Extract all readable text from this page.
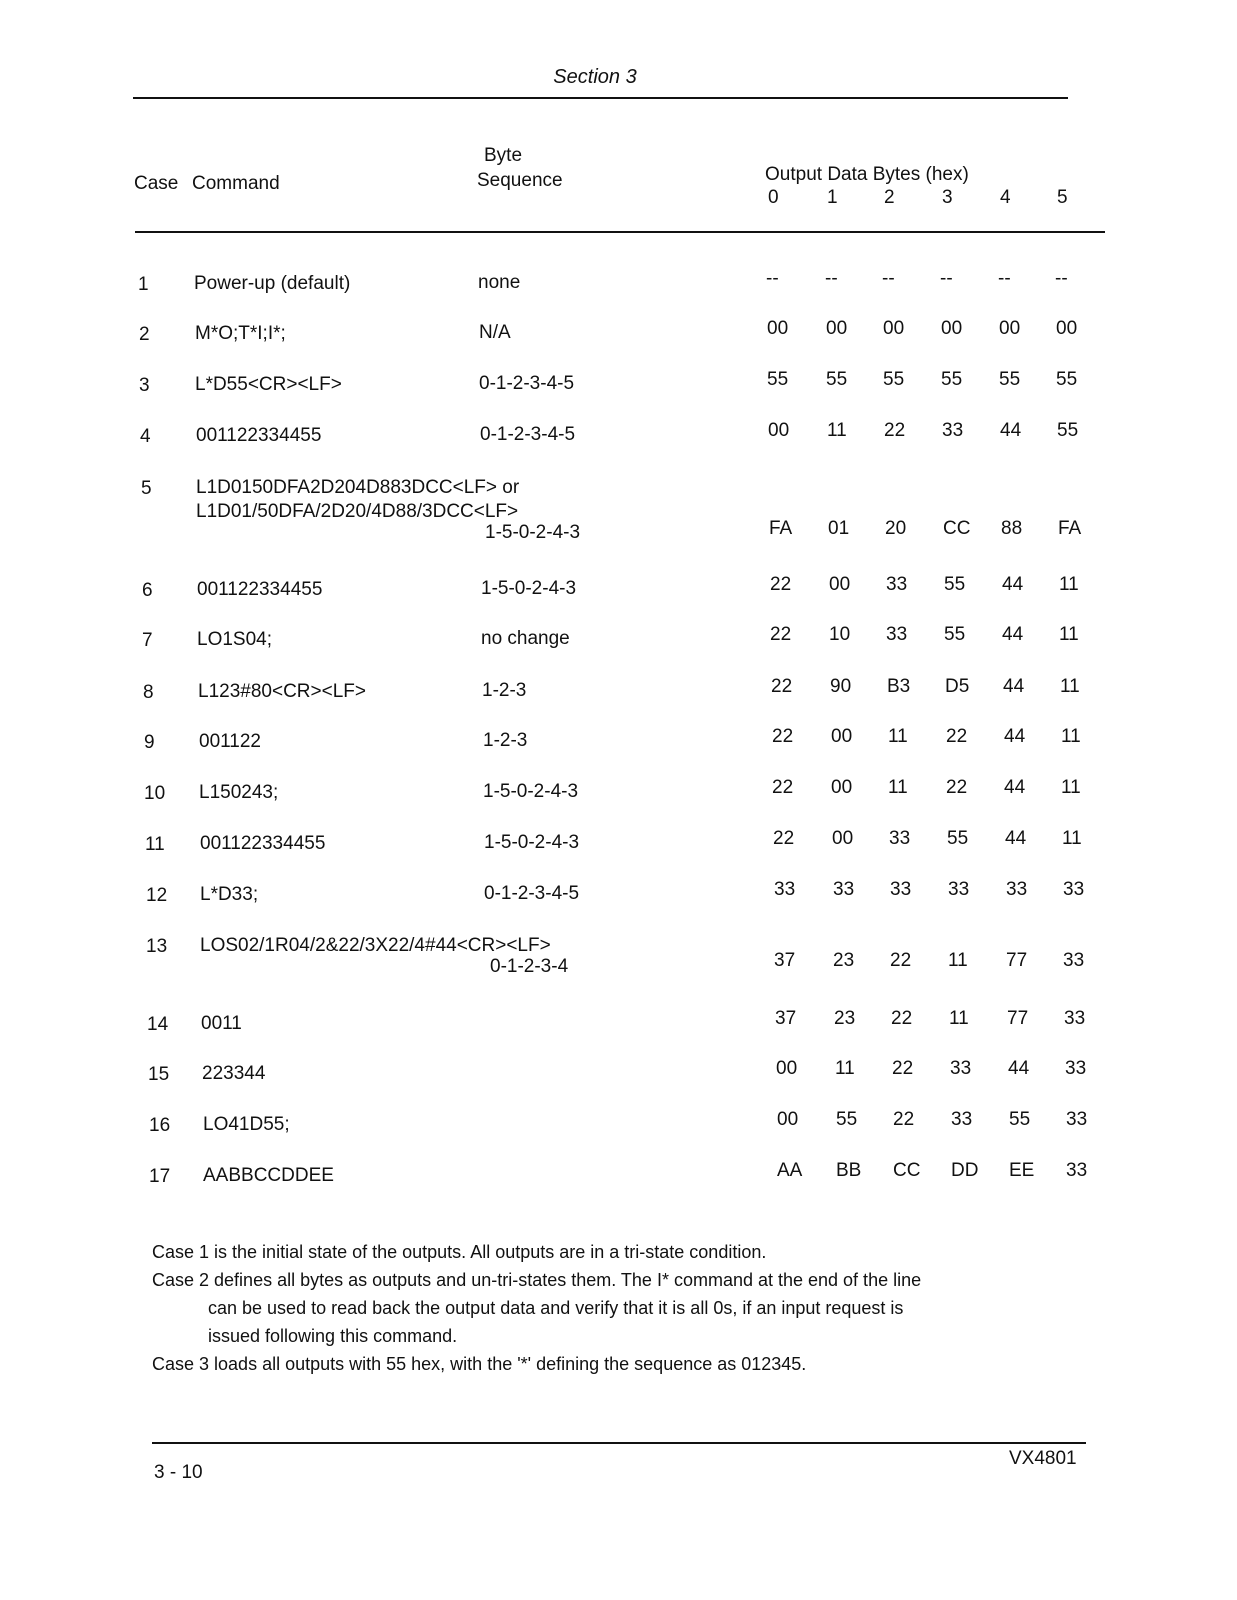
Section 3
Case Command
Byte
Sequence	Output Data Bytes (hex)
0	1 2 3 4 5
1 Power-up (default)	none	--	--	--	--	--	--
2 M*O;T*I;I*;	N/A	00	00	00	00	00	00
3 L*D55<CR><LF>	0-1-2-3-4-5	55	55	55	55	55	55
4 001122334455	0-1-2-3-4-5	00	11	22	33	44	55
5 L1D0150DFA2D204D883DCC<LF> or
L1D01/50DFA/2D20/4D88/3DCC<LF>
1-5-0-2-4-3	FA	01	20	CC	88	FA
6 001122334455	1-5-0-2-4-3	22	00	33	55	44	11
7 LO1S04;	no change	22	10	33	55	44	11
8 L123#80<CR><LF>	1-2-3	22	90	B3	D5	44	11
9 001122	1-2-3	22	00	11	22	44	11
10 L150243;	1-5-0-2-4-3	22	00	11	22	44	11
11 001122334455	1-5-0-2-4-3	22	00	33	55	44	11
12 L*D33;	0-1-2-3-4-5	33	33	33	33	33	33
13 LOS02/1R04/2&22/3X22/4#44<CR><LF>
0-1-2-3-4	37	23	22	11	77	33
14 0011	37	23	22	11	77	33
15 223344	00	11	22	33	44	33
16 LO41D55;	00	55	22	33	55	33
17 AABBCCDDEE	AA	BB	CC	DD	EE	33

Case 1 is the initial state of the outputs. All outputs are in a tri-state condition.

Case 2 defines all bytes as outputs and un-tri-states them. The I* command at the end of the line

can be used to read back the output data and verify that it is all 0s, if an input request is

issued following this command.

Case 3 loads all outputs with 55 hex, with the '*' defining the sequence as 012345.

3 - 10
VX4801
